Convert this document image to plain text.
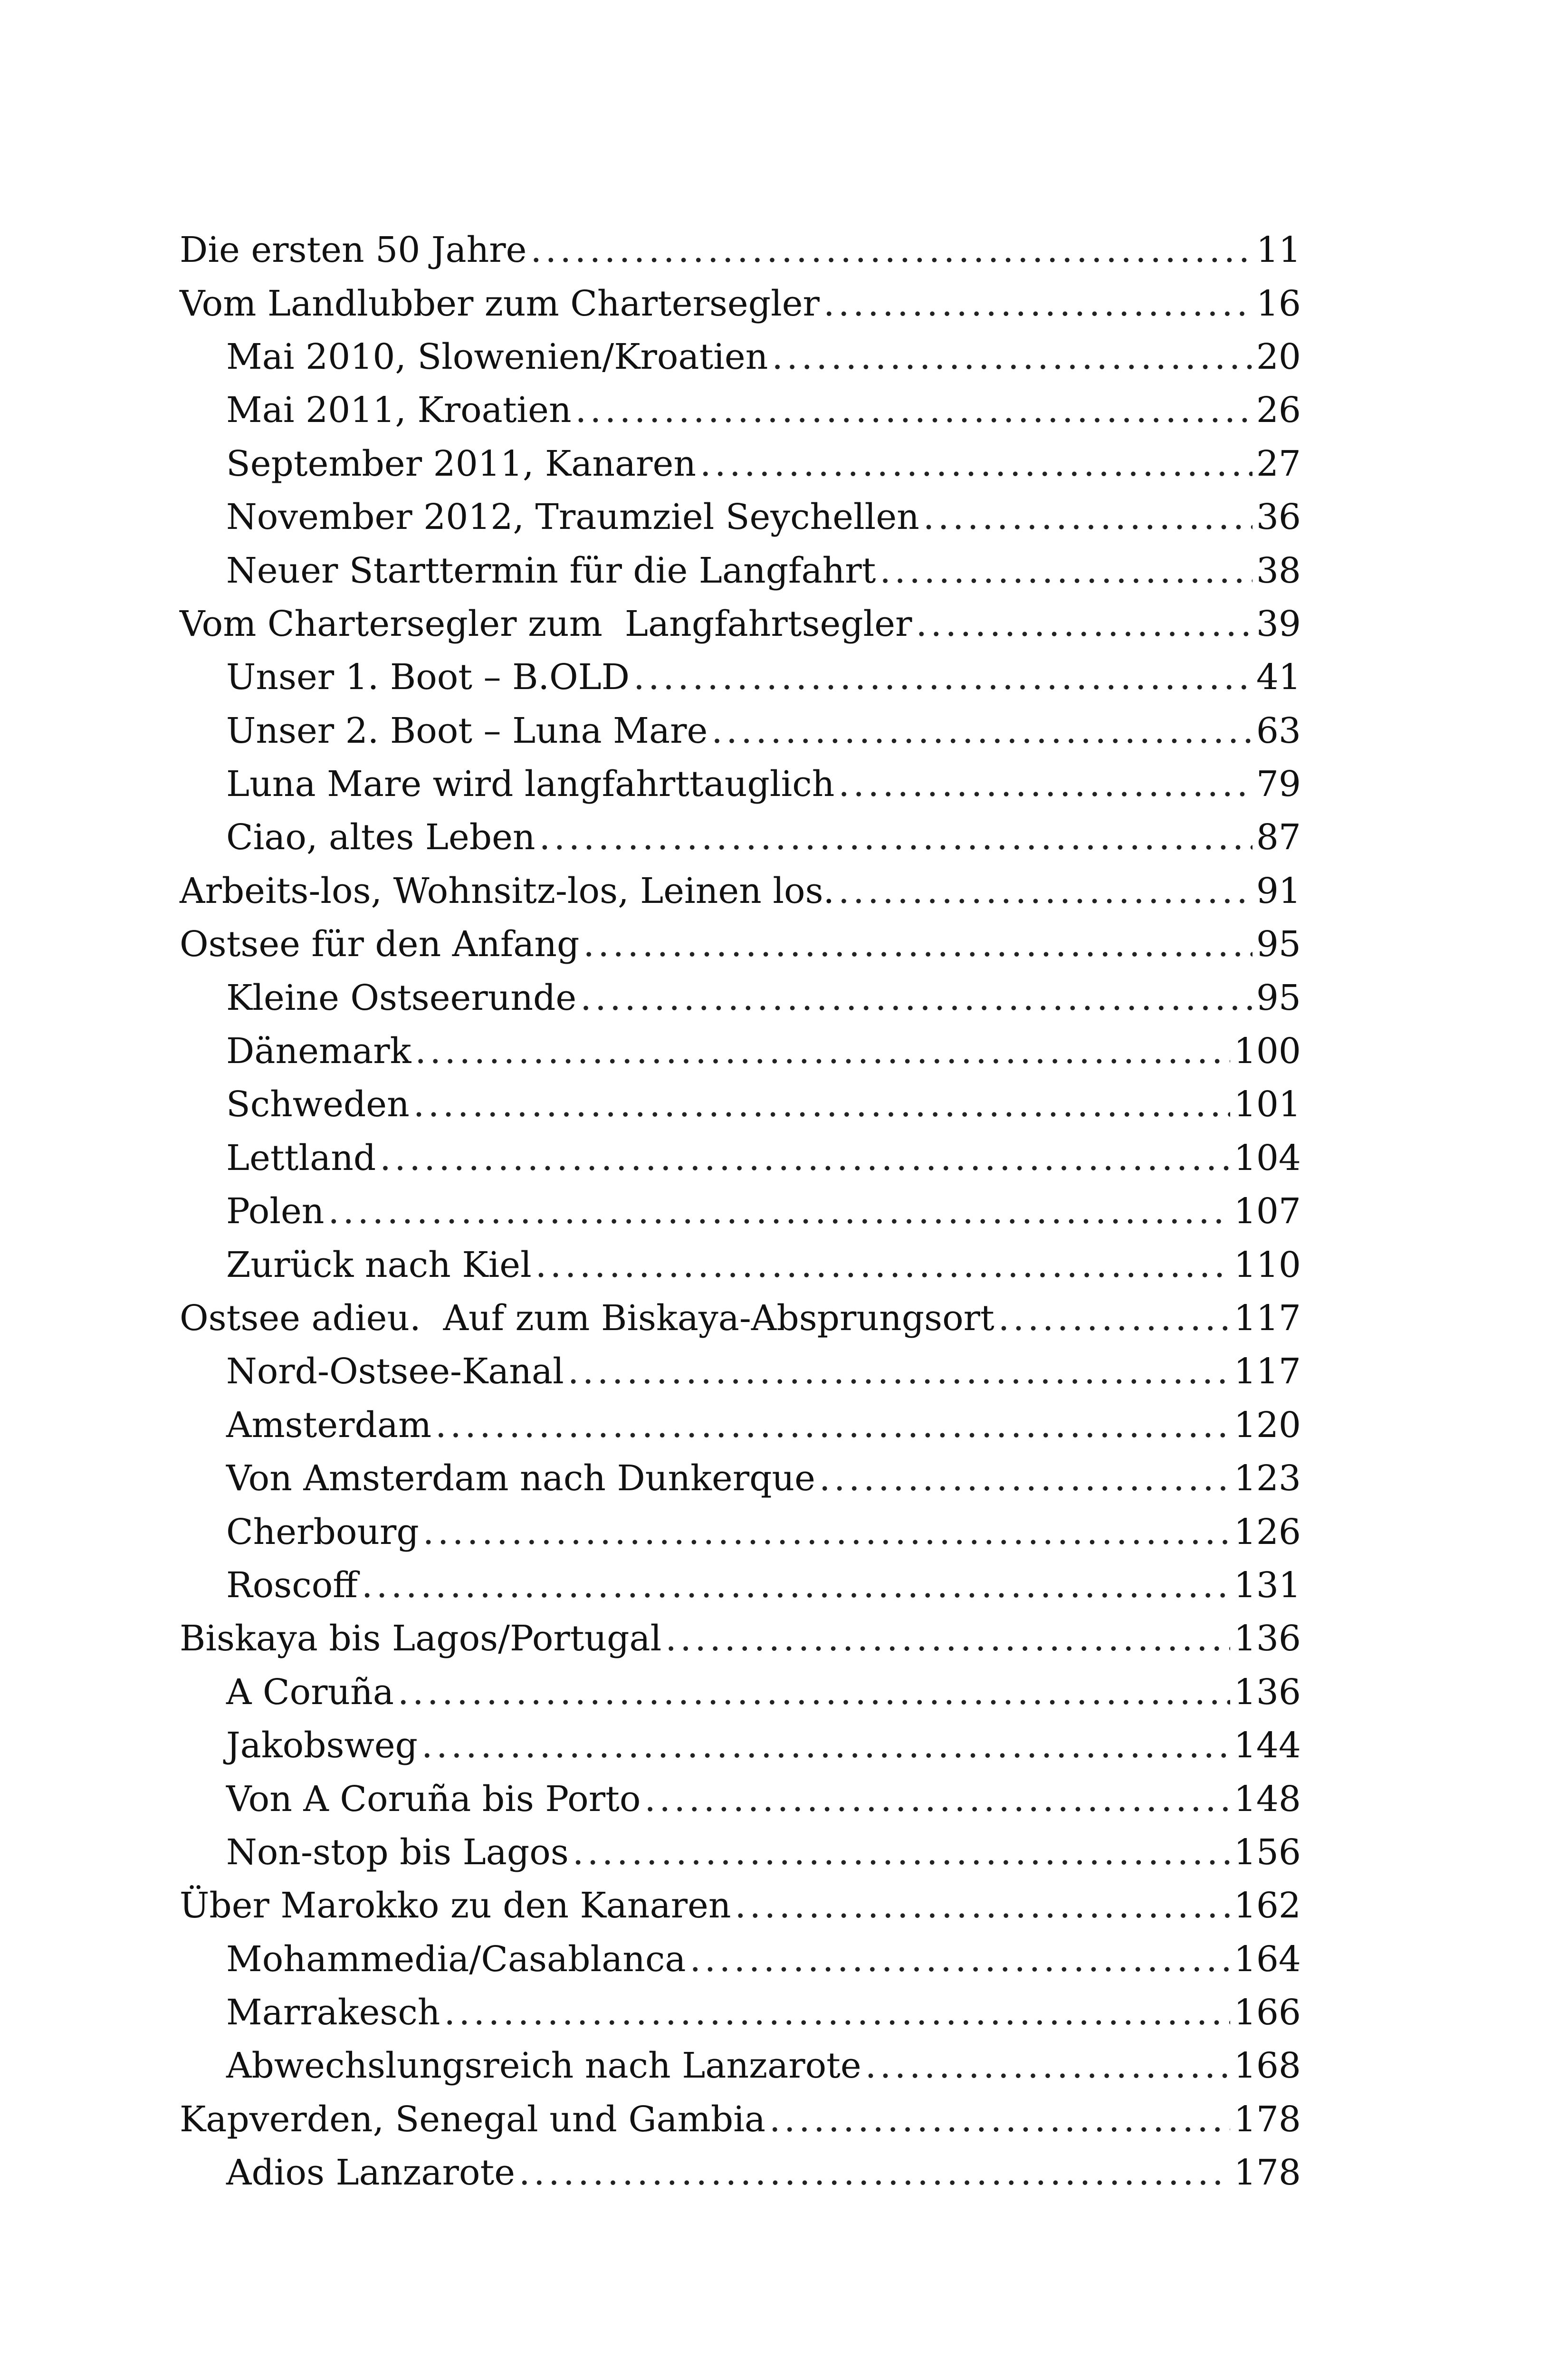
Die ersten 50 Jahre . . .	11
Vom Landlubber zum Chartersegler . . .	16
Mai 2010, Slowenien/Kroatien . . .	20
Mai 2011, Kroatien . . .	26
September 2011, Kanaren . . .	27
November 2012, Traumziel Seychellen . . .	36
Neuer Starttermin für die Langfahrt . . .	38
Vom Chartersegler zum  Langfahrtsegler . . .	39
Unser 1. Boot – B.OLD . . .	41
Unser 2. Boot – Luna Mare . . .	63
Luna Mare wird langfahrttauglich . . .	79
Ciao, altes Leben . . .	87
Arbeits-los, Wohnsitz-los, Leinen los. . . .	91
Ostsee für den Anfang . . .	95
Kleine Ostseerunde . . .	95
Dänemark . . .	100
Schweden . . .	101
Lettland . . .	104
Polen . . .	107
Zurück nach Kiel . . .	110
Ostsee adieu.  Auf zum Biskaya-Absprungsort . . .	117
Nord-Ostsee-Kanal . . .	117
Amsterdam . . .	120
Von Amsterdam nach Dunkerque . . .	123
Cherbourg . . .	126
Roscoff . . .	131
Biskaya bis Lagos/Portugal . . .	136
A Coruña . . .	136
Jakobsweg . . .	144
Von A Coruña bis Porto . . .	148
Non-stop bis Lagos . . .	156
Über Marokko zu den Kanaren . . .	162
Mohammedia/Casablanca . . .	164
Marrakesch . . .	166
Abwechslungsreich nach Lanzarote . . .	168
Kapverden, Senegal und Gambia . . .	178
Adios Lanzarote . . .	178
